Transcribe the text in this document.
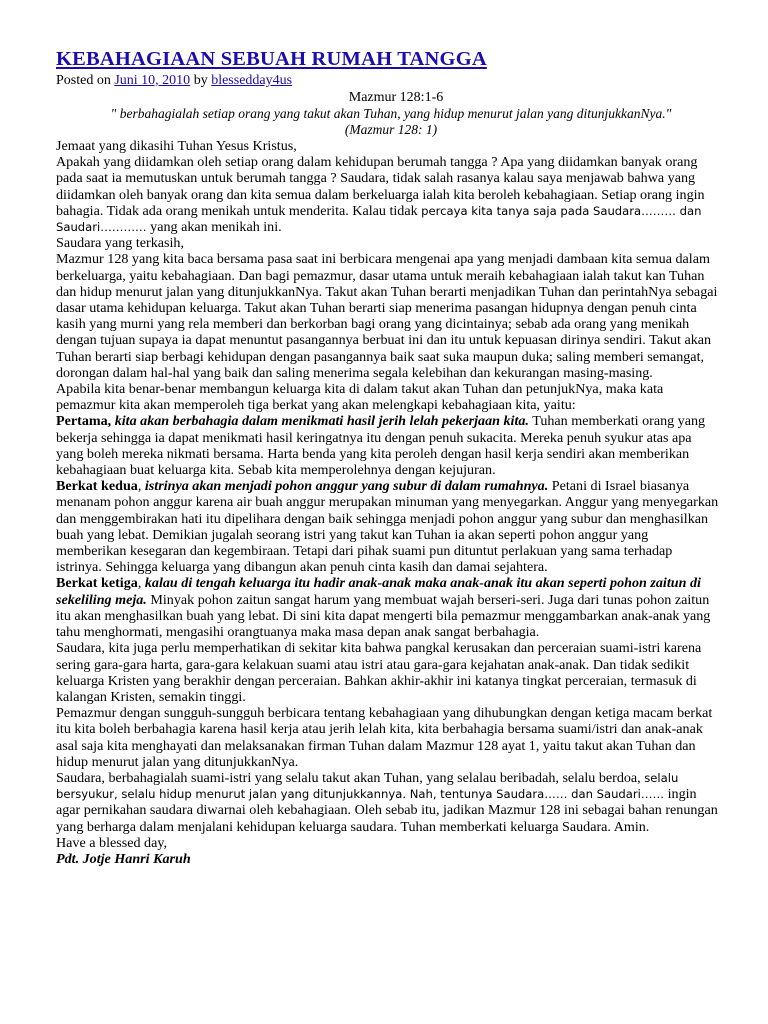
KEBAHAGIAAN SEBUAH RUMAH TANGGA

Posted on Juni 10, 2010 by blessedday4us

Mazmur 128:1-6

" berbahagialah setiap orang yang takut akan Tuhan, yang hidup menurut jalan yang ditunjukkanNya."
(Mazmur 128: 1)

Jemaat yang dikasihi Tuhan Yesus Kristus,

Apakah yang diidamkan oleh setiap orang dalam kehidupan berumah tangga ? Apa yang diidamkan banyak orang pada saat ia memutuskan untuk berumah tangga ? Saudara, tidak salah rasanya kalau saya menjawab bahwa yang diidamkan oleh banyak orang dan kita semua dalam berkeluarga ialah kita beroleh kebahagiaan. Setiap orang ingin bahagia. Tidak ada orang menikah untuk menderita. Kalau tidak percaya kita tanya saja pada Saudara……… dan Saudari………… yang akan menikah ini.

Saudara yang terkasih,

Mazmur 128 yang kita baca bersama pasa saat ini berbicara mengenai apa yang menjadi dambaan kita semua dalam berkeluarga, yaitu kebahagiaan. Dan bagi pemazmur, dasar utama untuk meraih kebahagiaan ialah takut kan Tuhan dan hidup menurut jalan yang ditunjukkanNya. Takut akan Tuhan berarti menjadikan Tuhan dan perintahNya sebagai dasar utama kehidupan keluarga. Takut akan Tuhan berarti siap menerima pasangan hidupnya dengan penuh cinta kasih yang murni yang rela memberi dan berkorban bagi orang yang dicintainya; sebab ada orang yang menikah dengan tujuan supaya ia dapat menuntut pasangannya berbuat ini dan itu untuk kepuasan dirinya sendiri. Takut akan Tuhan berarti siap berbagi kehidupan dengan pasangannya baik saat suka maupun duka; saling memberi semangat, dorongan dalam hal-hal yang baik dan saling menerima segala kelebihan dan kekurangan masing-masing.

Apabila kita benar-benar membangun keluarga kita di dalam takut akan Tuhan dan petunjukNya, maka kata pemazmur kita akan memperoleh tiga berkat yang akan melengkapi kebahagiaan kita, yaitu:

Pertama, kita akan berbahagia dalam menikmati hasil jerih lelah pekerjaan kita. Tuhan memberkati orang yang bekerja sehingga ia dapat menikmati hasil keringatnya itu dengan penuh sukacita. Mereka penuh syukur atas apa yang boleh mereka nikmati bersama. Harta benda yang kita peroleh dengan hasil kerja sendiri akan memberikan kebahagiaan buat keluarga kita. Sebab kita memperolehnya dengan kejujuran.

Berkat kedua, istrinya akan menjadi pohon anggur yang subur di dalam rumahnya. Petani di Israel biasanya menanam pohon anggur karena air buah anggur merupakan minuman yang menyegarkan. Anggur yang menyegarkan dan menggembirakan hati itu dipelihara dengan baik sehingga menjadi pohon anggur yang subur dan menghasilkan buah yang lebat. Demikian jugalah seorang istri yang takut kan Tuhan ia akan seperti pohon anggur yang memberikan kesegaran dan kegembiraan. Tetapi dari pihak suami pun dituntut perlakuan yang sama terhadap istrinya. Sehingga keluarga yang dibangun akan penuh cinta kasih dan damai sejahtera.

Berkat ketiga, kalau di tengah keluarga itu hadir anak-anak maka anak-anak itu akan seperti pohon zaitun di sekeliling meja. Minyak pohon zaitun sangat harum yang membuat wajah berseri-seri. Juga dari tunas pohon zaitun itu akan menghasilkan buah yang lebat. Di sini kita dapat mengerti bila pemazmur menggambarkan anak-anak yang tahu menghormati, mengasihi orangtuanya maka masa depan anak sangat berbahagia.

Saudara, kita juga perlu memperhatikan di sekitar kita bahwa pangkal kerusakan dan perceraian suami-istri karena sering gara-gara harta, gara-gara kelakuan suami atau istri atau gara-gara kejahatan anak-anak. Dan tidak sedikit keluarga Kristen yang berakhir dengan perceraian. Bahkan akhir-akhir ini katanya tingkat perceraian, termasuk di kalangan Kristen, semakin tinggi.

Pemazmur dengan sungguh-sungguh berbicara tentang kebahagiaan yang dihubungkan dengan ketiga macam berkat itu kita boleh berbahagia karena hasil kerja atau jerih lelah kita, kita berbahagia bersama suami/istri dan anak-anak asal saja kita menghayati dan melaksanakan firman Tuhan dalam Mazmur 128 ayat 1, yaitu takut akan Tuhan dan hidup menurut jalan yang ditunjukkanNya.

Saudara, berbahagialah suami-istri yang selalu takut akan Tuhan, yang selalau beribadah, selalu berdoa, selalu bersyukur, selalu hidup menurut jalan yang ditunjukkannya. Nah, tentunya Saudara…… dan Saudari…… ingin agar pernikahan saudara diwarnai oleh kebahagiaan. Oleh sebab itu, jadikan Mazmur 128 ini sebagai bahan renungan yang berharga dalam menjalani kehidupan keluarga saudara. Tuhan memberkati keluarga Saudara. Amin.

Have a blessed day,

Pdt. Jotje Hanri Karuh
